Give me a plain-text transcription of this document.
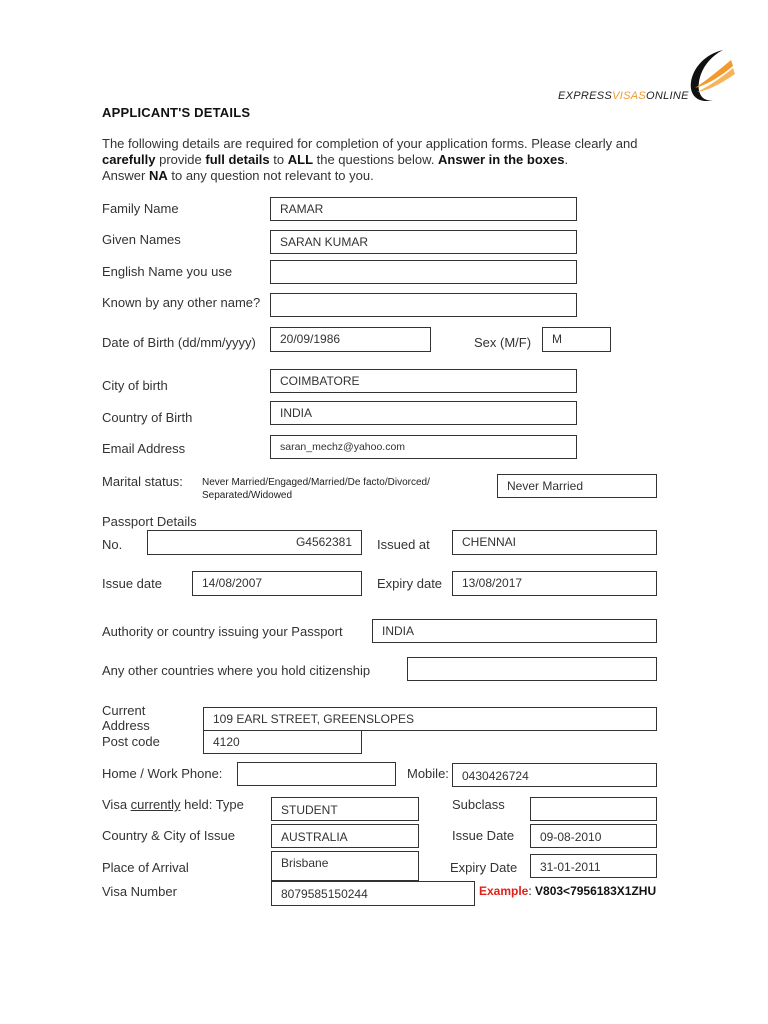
EXPRESSVISASONLINE
APPLICANT'S DETAILS
The following details are required for completion of your application forms. Please clearly and
carefully provide full details to ALL the questions below. Answer in the boxes.
Answer NA to any question not relevant to you.
Family Name	RAMAR
Given Names	SARAN KUMAR
English Name you use
Known by any other name?
Date of Birth (dd/mm/yyyy)	20/09/1986	Sex (M/F)	M
City of birth	COIMBATORE
Country of Birth	INDIA
Email Address	saran_mechz@yahoo.com
Marital status: Never Married/Engaged/Married/De facto/Divorced/
Separated/Widowed
Never Married
Passport Details
No.	G4562381	Issued at	CHENNAI
Issue date	14/08/2007	Expiry date	13/08/2017
Authority or country issuing your Passport	INDIA
Any other countries where you hold citizenship
Current
Address	109 EARL STREET, GREENSLOPES
Post code	4120
Home / Work Phone:	Mobile:	0430426724
Visa currently held: Type	STUDENT	Subclass
Country & City of Issue	AUSTRALIA	Issue Date	09-08-2010
Place of Arrival	Brisbane	Expiry Date	31-01-2011
Visa Number	8079585150244	Example: V803<7956183X1ZHU
